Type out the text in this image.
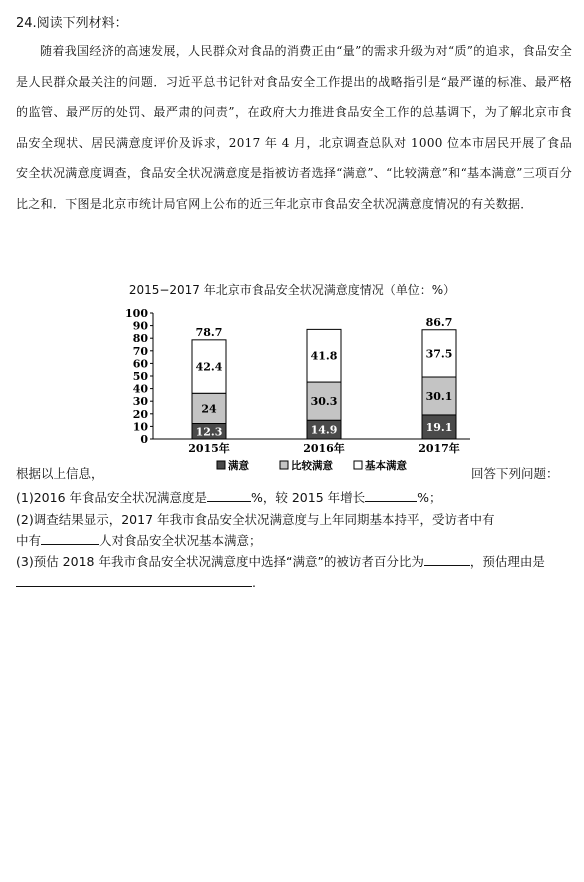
24.阅读下列材料：
随着我国经济的高速发展，人民群众对食品的消费正由“量”的需求升级为对“质”的追求，食品安全是人民群众最关注的问题．习近平总书记针对食品安全工作提出的战略指引是“最严谨的标准、最严格的监管、最严厉的处罚、最严肃的问责”，在政府大力推进食品安全工作的总基调下，为了解北京市食品安全现状、居民满意度评价及诉求，2017 年 4 月，北京调查总队对 1000 位本市居民开展了食品安全状况满意度调查，食品安全状况满意度是指被访者选择“满意”、“比较满意”和“基本满意”三项百分比之和．下图是北京市统计局官网上公布的近三年北京市食品安全状况满意度情况的有关数据．
2015−2017 年北京市食品安全状况满意度情况（单位：%）
0
10
20
30
40
50
60
70
80
90
100
12.3
24
42.4
78.7
2015年
14.9
30.3
41.8
2016年
19.1
30.1
37.5
86.7
2017年
满意	比较满意	基本满意
根据以上信息，	回答下列问题：
(1)2016 年食品安全状况满意度是	%，较 2015 年增长	%；
(2)调查结果显示，2017 年我市食品安全状况满意度与上年同期基本持平，受访者中有
中有	人对食品安全状况基本满意；
(3)预估 2018 年我市食品安全状况满意度中选择“满意”的被访者百分比为	，预估理由是.
